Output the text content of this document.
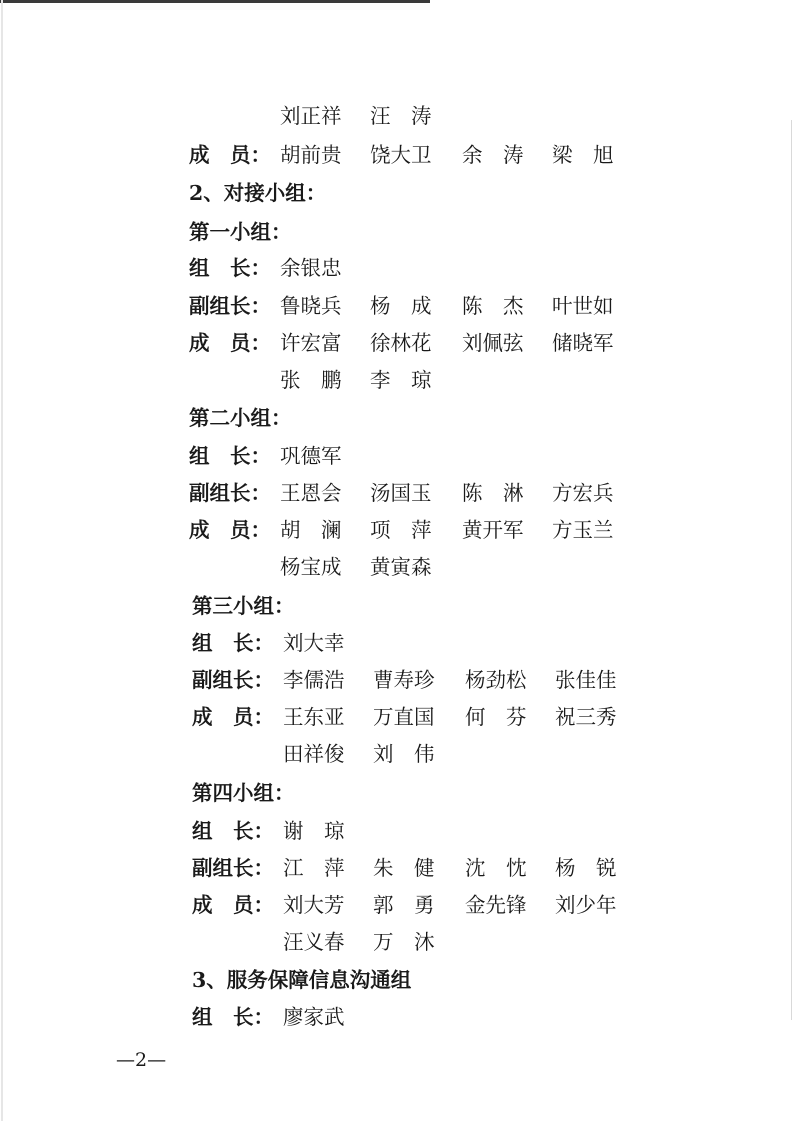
刘正祥 汪　涛
成　员： 胡前贵 饶大卫 余　涛 梁　旭
2、对接小组：
第一小组：
组　长： 余银忠
副组长： 鲁晓兵 杨　成 陈　杰 叶世如
成　员： 许宏富 徐林花 刘佩弦 储晓军
张　鹏 李　琼
第二小组：
组　长： 巩德军
副组长： 王恩会 汤国玉 陈　淋 方宏兵
成　员： 胡　澜 项　萍 黄开军 方玉兰
杨宝成 黄寅森
第三小组：
组　长： 刘大幸
副组长： 李儒浩 曹寿珍 杨劲松 张佳佳
成　员： 王东亚 万直国 何　芬 祝三秀
田祥俊 刘　伟
第四小组：
组　长： 谢　琼
副组长： 江　萍 朱　健 沈　忱 杨　锐
成　员： 刘大芳 郭　勇 金先锋 刘少年
汪义春 万　沐
3、服务保障信息沟通组
组　长： 廖家武
—2—
